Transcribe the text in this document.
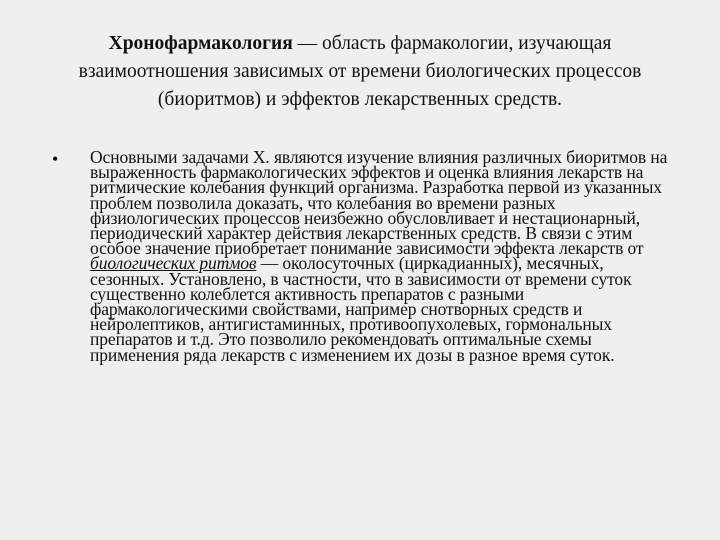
Хронофармакология — область фармакологии, изучающая взаимоотношения зависимых от времени биологических процессов (биоритмов) и эффектов лекарственных средств.
• Основными задачами Х. являются изучение влияния различных биоритмов на выраженность фармакологических эффектов и оценка влияния лекарств на ритмические колебания функций организма. Разработка первой из указанных проблем позволила доказать, что колебания во времени разных физиологических процессов неизбежно обусловливает и нестационарный, периодический характер действия лекарственных средств. В связи с этим особое значение приобретает понимание зависимости эффекта лекарств от биологических ритмов — околосуточных (циркадианных), месячных, сезонных. Установлено, в частности, что в зависимости от времени суток существенно колеблется активность препаратов с разными фармакологическими свойствами, например снотворных средств и нейролептиков, антигистаминных, противоопухолевых, гормональных препаратов и т.д. Это позволило рекомендовать оптимальные схемы применения ряда лекарств с изменением их дозы в разное время суток.
